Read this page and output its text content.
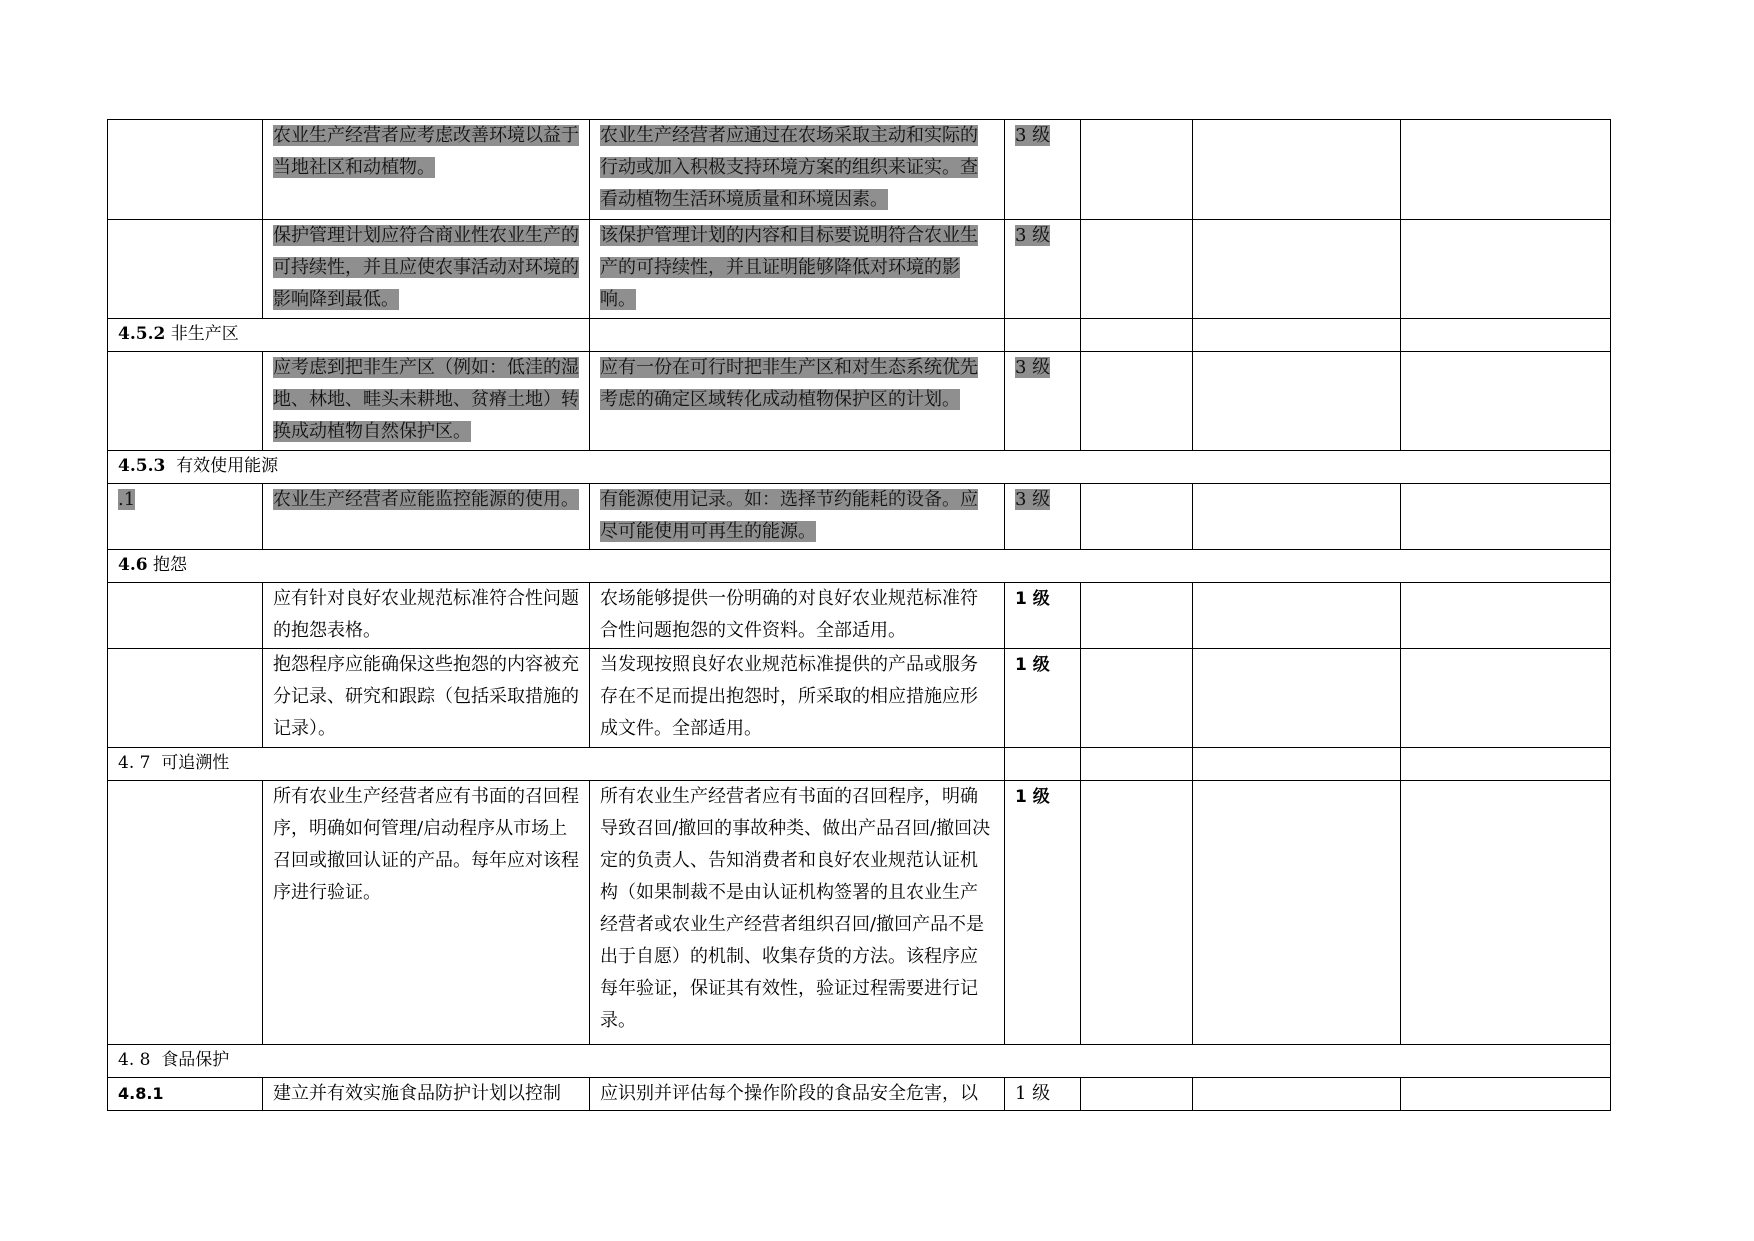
	农业生产经营者应考虑改善环境以益于当地社区和动植物。	农业生产经营者应通过在农场采取主动和实际的行动或加入积极支持环境方案的组织来证实。查看动植物生活环境质量和环境因素。	3 级			
	保护管理计划应符合商业性农业生产的可持续性，并且应使农事活动对环境的影响降到最低。	该保护管理计划的内容和目标要说明符合农业生产的可持续性，并且证明能够降低对环境的影响。	3 级			
4.5.2 非生产区						
	应考虑到把非生产区（例如：低洼的湿地、林地、畦头未耕地、贫瘠土地）转换成动植物自然保护区。	应有一份在可行时把非生产区和对生态系统优先考虑的确定区域转化成动植物保护区的计划。	3 级			
4.5.3 有效使用能源						
.1	农业生产经营者应能监控能源的使用。	有能源使用记录。如：选择节约能耗的设备。应尽可能使用可再生的能源。	3 级			
4.6 抱怨						
	应有针对良好农业规范标准符合性问题的抱怨表格。	农场能够提供一份明确的对良好农业规范标准符合性问题抱怨的文件资料。全部适用。	1 级			
	抱怨程序应能确保这些抱怨的内容被充分记录、研究和跟踪（包括采取措施的记录）。	当发现按照良好农业规范标准提供的产品或服务存在不足而提出抱怨时，所采取的相应措施应形成文件。全部适用。	1 级			
4. 7 可追溯性						
	所有农业生产经营者应有书面的召回程序，明确如何管理/启动程序从市场上召回或撤回认证的产品。每年应对该程序进行验证。	所有农业生产经营者应有书面的召回程序，明确导致召回/撤回的事故种类、做出产品召回/撤回决定的负责人、告知消费者和良好农业规范认证机构（如果制裁不是由认证机构签署的且农业生产经营者或农业生产经营者组织召回/撤回产品不是出于自愿）的机制、收集存货的方法。该程序应每年验证，保证其有效性，验证过程需要进行记录。	1 级			
4. 8 食品保护						
4.8.1	建立并有效实施食品防护计划以控制	应识别并评估每个操作阶段的食品安全危害，以	1 级			
